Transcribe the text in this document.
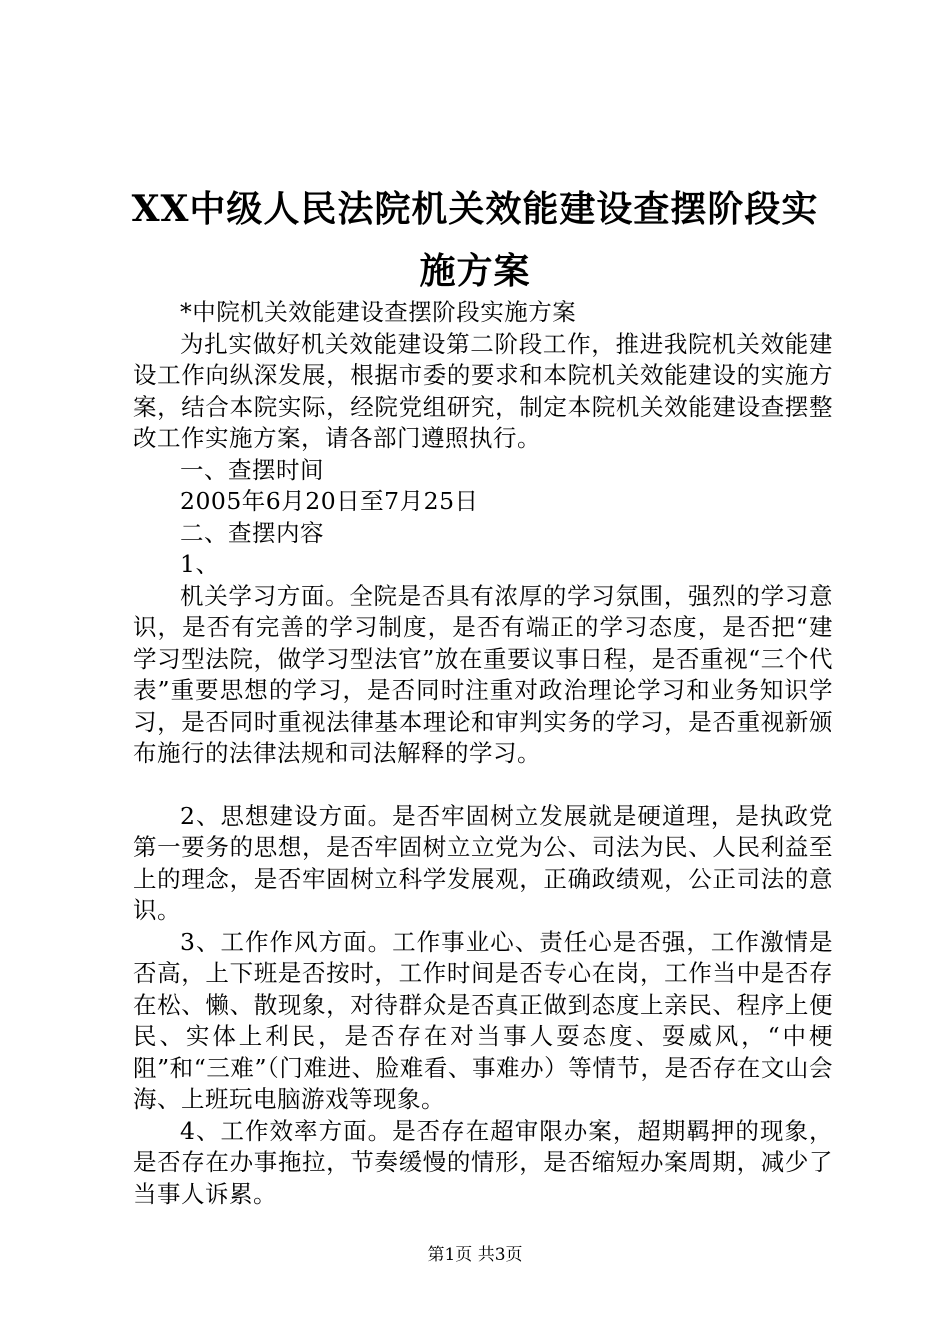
XX中级人民法院机关效能建设查摆阶段实施方案

*中院机关效能建设查摆阶段实施方案

为扎实做好机关效能建设第二阶段工作，推进我院机关效能建设工作向纵深发展，根据市委的要求和本院机关效能建设的实施方案，结合本院实际，经院党组研究，制定本院机关效能建设查摆整改工作实施方案，请各部门遵照执行。

一、查摆时间

2005年6月20日至7月25日

二、查摆内容

1、

机关学习方面。全院是否具有浓厚的学习氛围，强烈的学习意识，是否有完善的学习制度，是否有端正的学习态度，是否把“建学习型法院，做学习型法官”放在重要议事日程，是否重视“三个代表”重要思想的学习，是否同时注重对政治理论学习和业务知识学习，是否同时重视法律基本理论和审判实务的学习，是否重视新颁布施行的法律法规和司法解释的学习。

2、思想建设方面。是否牢固树立发展就是硬道理，是执政党第一要务的思想，是否牢固树立立党为公、司法为民、人民利益至上的理念，是否牢固树立科学发展观，正确政绩观，公正司法的意识。

3、工作作风方面。工作事业心、责任心是否强，工作激情是否高，上下班是否按时，工作时间是否专心在岗，工作当中是否存在松、懒、散现象，对待群众是否真正做到态度上亲民、程序上便民、实体上利民，是否存在对当事人耍态度、耍威风，“中梗阻”和“三难”（门难进、脸难看、事难办）等情节，是否存在文山会海、上班玩电脑游戏等现象。

4、工作效率方面。是否存在超审限办案，超期羁押的现象，是否存在办事拖拉，节奏缓慢的情形，是否缩短办案周期，减少了当事人诉累。

第1页 共3页
